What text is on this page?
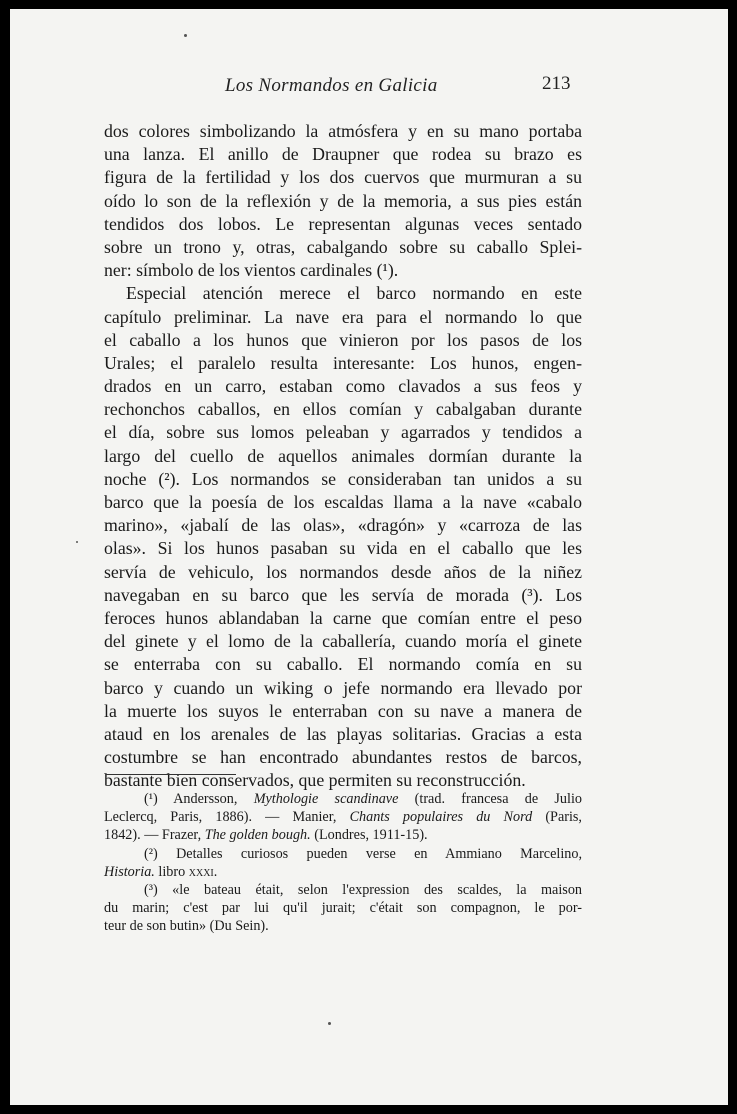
Los Normandos en Galicia	213
dos colores simbolizando la atmósfera y en su mano portaba
una lanza. El anillo de Draupner que rodea su brazo es
figura de la fertilidad y los dos cuervos que murmuran a su
oído lo son de la reflexión y de la memoria, a sus pies están
tendidos dos lobos. Le representan algunas veces sentado
sobre un trono y, otras, cabalgando sobre su caballo Splei-
ner: símbolo de los vientos cardinales (¹).
Especial atención merece el barco normando en este
capítulo preliminar. La nave era para el normando lo que
el caballo a los hunos que vinieron por los pasos de los
Urales; el paralelo resulta interesante: Los hunos, engen-
drados en un carro, estaban como clavados a sus feos y
rechonchos caballos, en ellos comían y cabalgaban durante
el día, sobre sus lomos peleaban y agarrados y tendidos a
largo del cuello de aquellos animales dormían durante la
noche (²). Los normandos se consideraban tan unidos a su
barco que la poesía de los escaldas llama a la nave «cabalo
marino», «jabalí de las olas», «dragón» y «carroza de las
olas». Si los hunos pasaban su vida en el caballo que les
servía de vehiculo, los normandos desde años de la niñez
navegaban en su barco que les servía de morada (³). Los
feroces hunos ablandaban la carne que comían entre el peso
del ginete y el lomo de la caballería, cuando moría el ginete
se enterraba con su caballo. El normando comía en su
barco y cuando un wiking o jefe normando era llevado por
la muerte los suyos le enterraban con su nave a manera de
ataud en los arenales de las playas solitarias. Gracias a esta
costumbre se han encontrado abundantes restos de barcos,
bastante bien conservados, que permiten su reconstrucción.
(¹) Andersson, Mythologie scandinave (trad. francesa de Julio
Leclercq, Paris, 1886). — Manier, Chants populaires du Nord (Paris,
1842). — Frazer, The golden bough. (Londres, 1911-15).
(²) Detalles curiosos pueden verse en Ammiano Marcelino,
Historia. libro xxxi.
(³) «le bateau était, selon l'expression des scaldes, la maison
du marin; c'est par lui qu'il jurait; c'était son compagnon, le por-
teur de son butin» (Du Sein).
